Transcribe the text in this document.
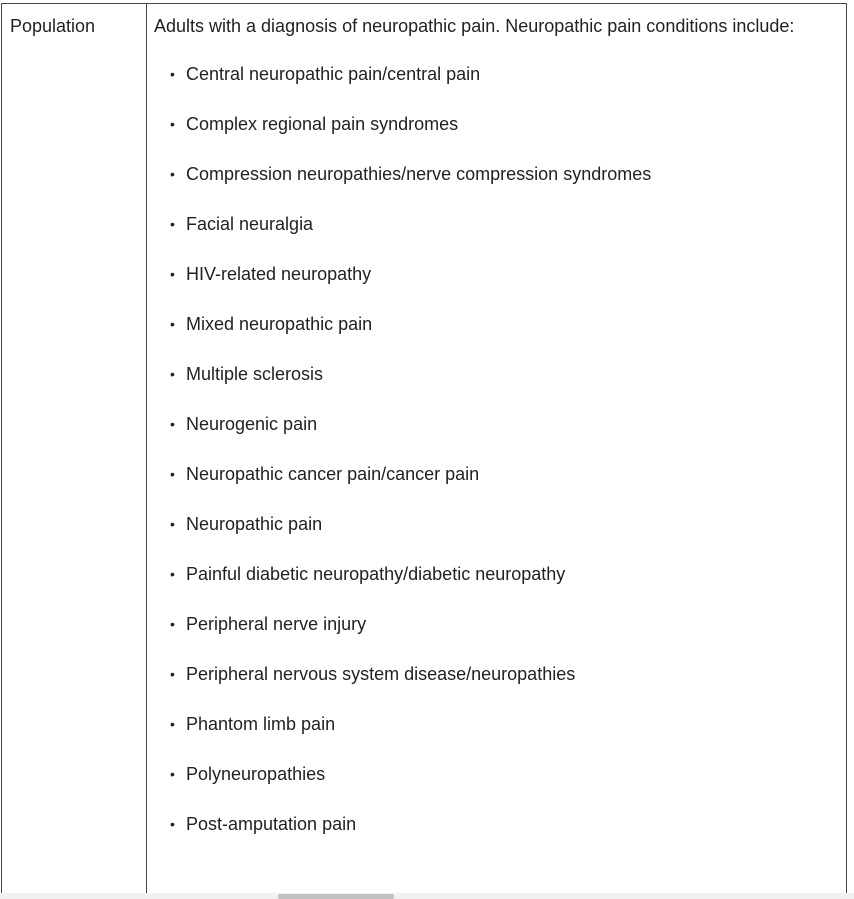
Population	Adults with a diagnosis of neuropathic pain. Neuropathic pain conditions include:

• Central neuropathic pain/central pain
• Complex regional pain syndromes
• Compression neuropathies/nerve compression syndromes
• Facial neuralgia
• HIV-related neuropathy
• Mixed neuropathic pain
• Multiple sclerosis
• Neurogenic pain
• Neuropathic cancer pain/cancer pain
• Neuropathic pain
• Painful diabetic neuropathy/diabetic neuropathy
• Peripheral nerve injury
• Peripheral nervous system disease/neuropathies
• Phantom limb pain
• Polyneuropathies
• Post-amputation pain
